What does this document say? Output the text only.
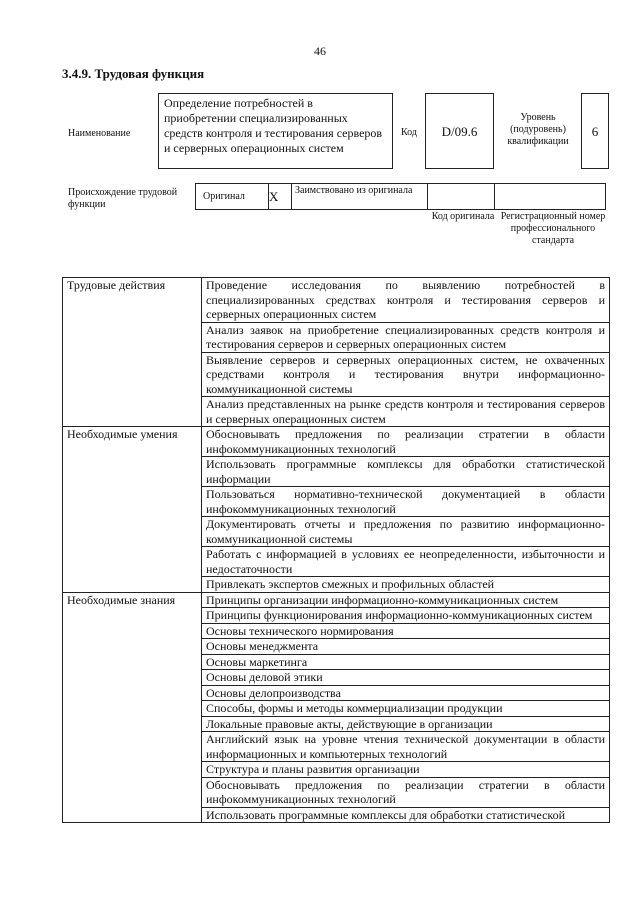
46
3.4.9. Трудовая функция
Наименование
Определение потребностей в приобретении специализированных средств контроля и тестирования серверов и серверных операционных систем
Код	D/09.6
Уровень (подуровень) квалификации
6
Происхождение трудовой функции
Оригинал	X	Заимствовано из оригинала
Код оригинала Регистрационный номер профессионального стандарта
Трудовые действия	Проведение исследования по выявлению потребностей в специализированных средствах контроля и тестирования серверов и серверных операционных систем
	Анализ заявок на приобретение специализированных средств контроля и тестирования серверов и серверных операционных систем
	Выявление серверов и серверных операционных систем, не охваченных средствами контроля и тестирования внутри информационно-коммуникационной системы
	Анализ представленных на рынке средств контроля и тестирования серверов и серверных операционных систем
Необходимые умения	Обосновывать предложения по реализации стратегии в области инфокоммуникационных технологий
	Использовать программные комплексы для обработки статистической информации
	Пользоваться нормативно-технической документацией в области инфокоммуникационных технологий
	Документировать отчеты и предложения по развитию информационно-коммуникационной системы
	Работать с информацией в условиях ее неопределенности, избыточности и недостаточности
	Привлекать экспертов смежных и профильных областей
Необходимые знания	Принципы организации информационно-коммуникационных систем
	Принципы функционирования информационно-коммуникационных систем
	Основы технического нормирования
	Основы менеджмента
	Основы маркетинга
	Основы деловой этики
	Основы делопроизводства
	Способы, формы и методы коммерциализации продукции
	Локальные правовые акты, действующие в организации
	Английский язык на уровне чтения технической документации в области информационных и компьютерных технологий
	Структура и планы развития организации
	Обосновывать предложения по реализации стратегии в области инфокоммуникационных технологий
	Использовать программные комплексы для обработки статистической
